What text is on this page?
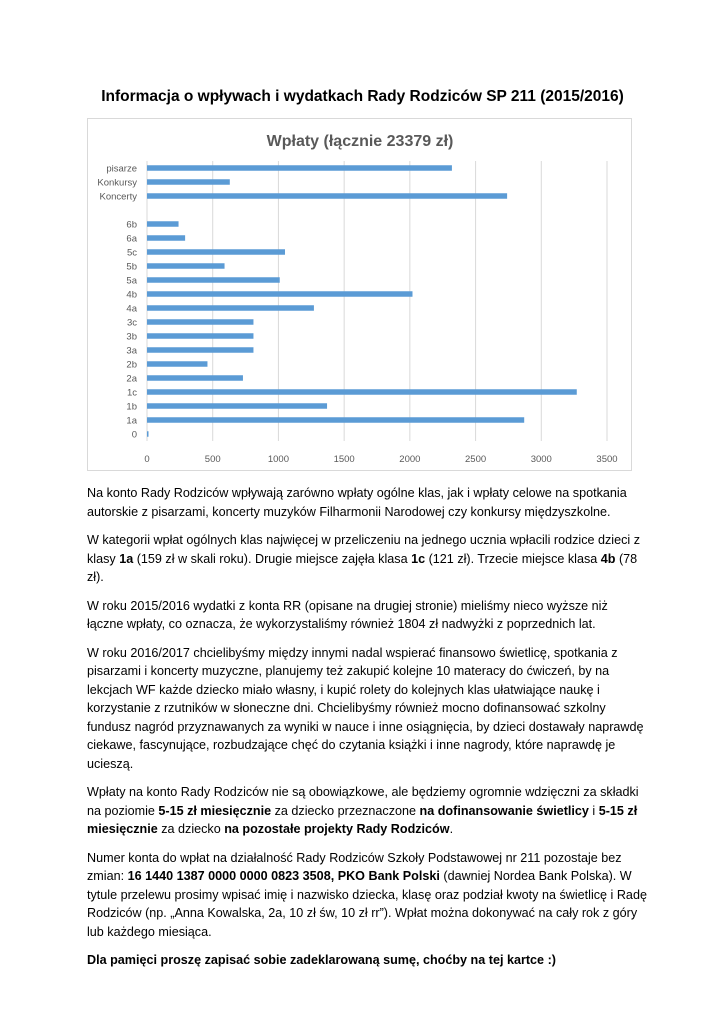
Informacja o wpływach i wydatkach Rady Rodziców SP 211 (2015/2016)
Wpłaty (łącznie 23379 zł)
pisarze
Konkursy
Koncerty
6b
6a
5c
5b
5a
4b
4a
3c
3b
3a
2b
2a
1c
1b
1a
0
0	500	1000	1500	2000	2500	3000	3500

Na konto Rady Rodziców wpływają zarówno wpłaty ogólne klas, jak i wpłaty celowe na spotkania autorskie z pisarzami, koncerty muzyków Filharmonii Narodowej czy konkursy międzyszkolne.

W kategorii wpłat ogólnych klas najwięcej w przeliczeniu na jednego ucznia wpłacili rodzice dzieci z klasy 1a (159 zł w skali roku). Drugie miejsce zajęła klasa 1c (121 zł). Trzecie miejsce klasa 4b (78 zł).

W roku 2015/2016 wydatki z konta RR (opisane na drugiej stronie) mieliśmy nieco wyższe niż łączne wpłaty, co oznacza, że wykorzystaliśmy również 1804 zł nadwyżki z poprzednich lat.

W roku 2016/2017 chcielibyśmy między innymi nadal wspierać finansowo świetlicę, spotkania z pisarzami i koncerty muzyczne, planujemy też zakupić kolejne 10 materacy do ćwiczeń, by na lekcjach WF każde dziecko miało własny, i kupić rolety do kolejnych klas ułatwiające naukę i korzystanie z rzutników w słoneczne dni. Chcielibyśmy również mocno dofinansować szkolny fundusz nagród przyznawanych za wyniki w nauce i inne osiągnięcia, by dzieci dostawały naprawdę ciekawe, fascynujące, rozbudzające chęć do czytania książki i inne nagrody, które naprawdę je ucieszą.

Wpłaty na konto Rady Rodziców nie są obowiązkowe, ale będziemy ogromnie wdzięczni za składki na poziomie 5-15 zł miesięcznie za dziecko przeznaczone na dofinansowanie świetlicy i 5-15 zł miesięcznie za dziecko na pozostałe projekty Rady Rodziców.

Numer konta do wpłat na działalność Rady Rodziców Szkoły Podstawowej nr 211 pozostaje bez zmian: 16 1440 1387 0000 0000 0823 3508, PKO Bank Polski (dawniej Nordea Bank Polska). W tytule przelewu prosimy wpisać imię i nazwisko dziecka, klasę oraz podział kwoty na świetlicę i Radę Rodziców (np. „Anna Kowalska, 2a, 10 zł św, 10 zł rr”). Wpłat można dokonywać na cały rok z góry lub każdego miesiąca.

Dla pamięci proszę zapisać sobie zadeklarowaną sumę, choćby na tej kartce :)
